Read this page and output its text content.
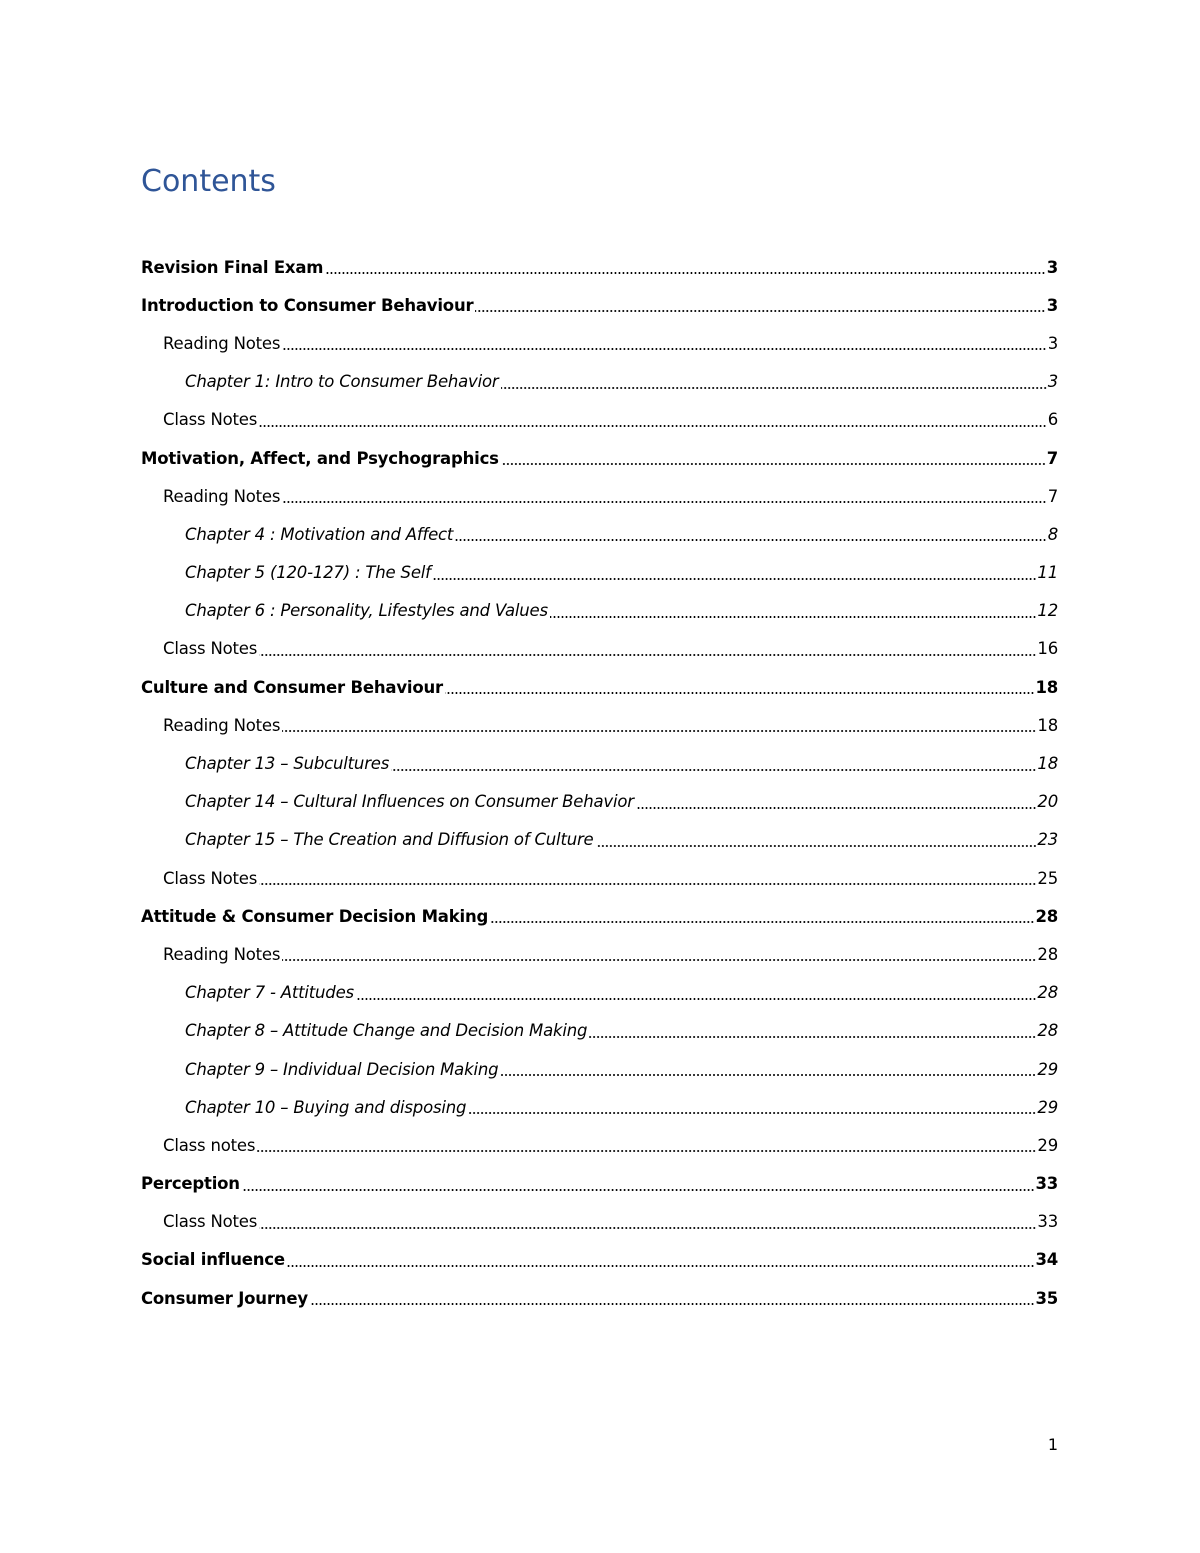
Contents
Revision Final Exam	3
Introduction to Consumer Behaviour	3
Reading Notes	3
Chapter 1: Intro to Consumer Behavior	3
Class Notes	6
Motivation, Affect, and Psychographics	7
Reading Notes	7
Chapter 4 : Motivation and Affect	8
Chapter 5 (120-127) : The Self	11
Chapter 6 : Personality, Lifestyles and Values	12
Class Notes	16
Culture and Consumer Behaviour	18
Reading Notes	18
Chapter 13 – Subcultures	18
Chapter 14 – Cultural Influences on Consumer Behavior	20
Chapter 15 – The Creation and Diffusion of Culture	23
Class Notes	25
Attitude & Consumer Decision Making	28
Reading Notes	28
Chapter 7 - Attitudes	28
Chapter 8 – Attitude Change and Decision Making	28
Chapter 9 – Individual Decision Making	29
Chapter 10 – Buying and disposing	29
Class notes	29
Perception	33
Class Notes	33
Social influence	34
Consumer Journey	35
1
